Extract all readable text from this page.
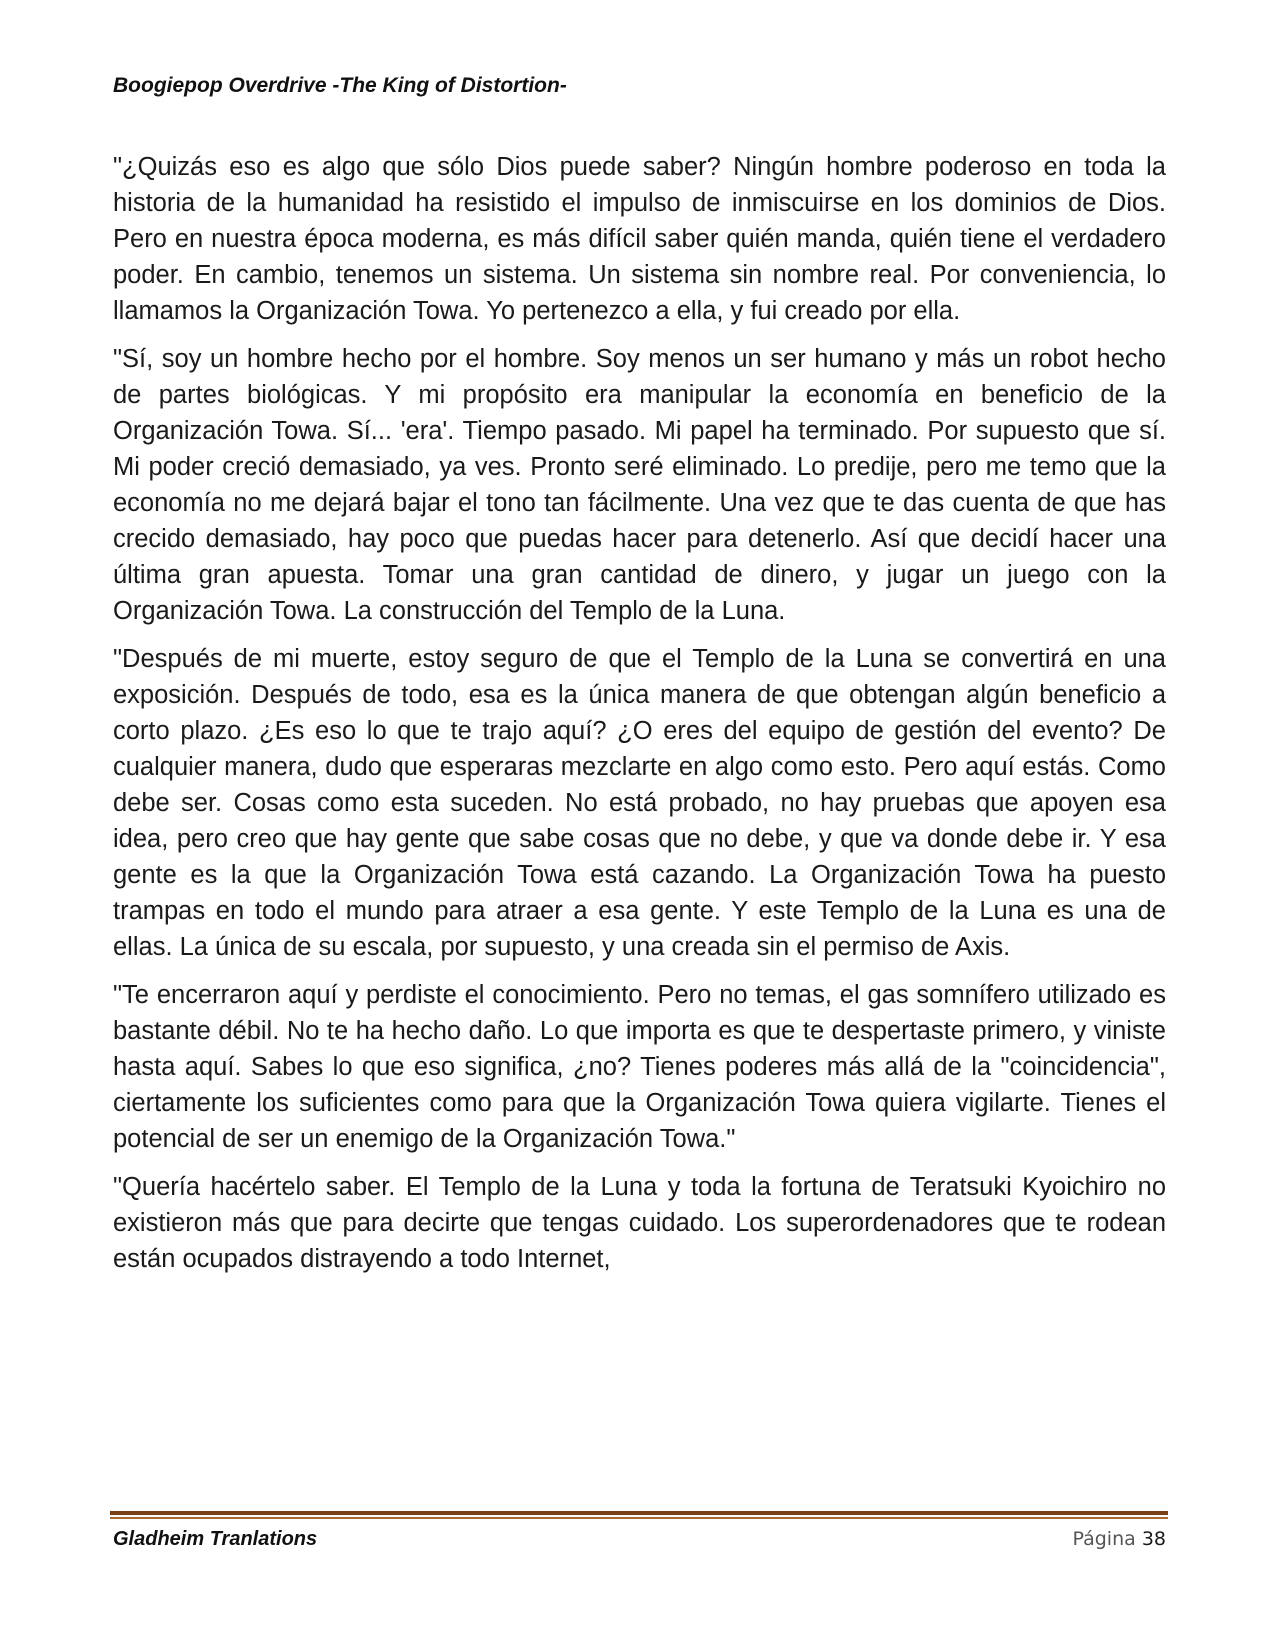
Boogiepop Overdrive -The King of Distortion-

"¿Quizás eso es algo que sólo Dios puede saber? Ningún hombre poderoso en toda la historia de la humanidad ha resistido el impulso de inmiscuirse en los dominios de Dios. Pero en nuestra época moderna, es más difícil saber quién manda, quién tiene el verdadero poder. En cambio, tenemos un sistema. Un sistema sin nombre real. Por conveniencia, lo llamamos la Organización Towa. Yo pertenezco a ella, y fui creado por ella.

"Sí, soy un hombre hecho por el hombre. Soy menos un ser humano y más un robot hecho de partes biológicas. Y mi propósito era manipular la economía en beneficio de la Organización Towa. Sí... 'era'. Tiempo pasado. Mi papel ha terminado. Por supuesto que sí. Mi poder creció demasiado, ya ves. Pronto seré eliminado. Lo predije, pero me temo que la economía no me dejará bajar el tono tan fácilmente. Una vez que te das cuenta de que has crecido demasiado, hay poco que puedas hacer para detenerlo. Así que decidí hacer una última gran apuesta. Tomar una gran cantidad de dinero, y jugar un juego con la Organización Towa. La construcción del Templo de la Luna.

"Después de mi muerte, estoy seguro de que el Templo de la Luna se convertirá en una exposición. Después de todo, esa es la única manera de que obtengan algún beneficio a corto plazo. ¿Es eso lo que te trajo aquí? ¿O eres del equipo de gestión del evento? De cualquier manera, dudo que esperaras mezclarte en algo como esto. Pero aquí estás. Como debe ser. Cosas como esta suceden. No está probado, no hay pruebas que apoyen esa idea, pero creo que hay gente que sabe cosas que no debe, y que va donde debe ir. Y esa gente es la que la Organización Towa está cazando. La Organización Towa ha puesto trampas en todo el mundo para atraer a esa gente. Y este Templo de la Luna es una de ellas. La única de su escala, por supuesto, y una creada sin el permiso de Axis.

"Te encerraron aquí y perdiste el conocimiento. Pero no temas, el gas somnífero utilizado es bastante débil. No te ha hecho daño. Lo que importa es que te despertaste primero, y viniste hasta aquí. Sabes lo que eso significa, ¿no? Tienes poderes más allá de la "coincidencia", ciertamente los suficientes como para que la Organización Towa quiera vigilarte. Tienes el potencial de ser un enemigo de la Organización Towa."

"Quería hacértelo saber. El Templo de la Luna y toda la fortuna de Teratsuki Kyoichiro no existieron más que para decirte que tengas cuidado. Los superordenadores que te rodean están ocupados distrayendo a todo Internet,

Gladheim Tranlations	Página 38
